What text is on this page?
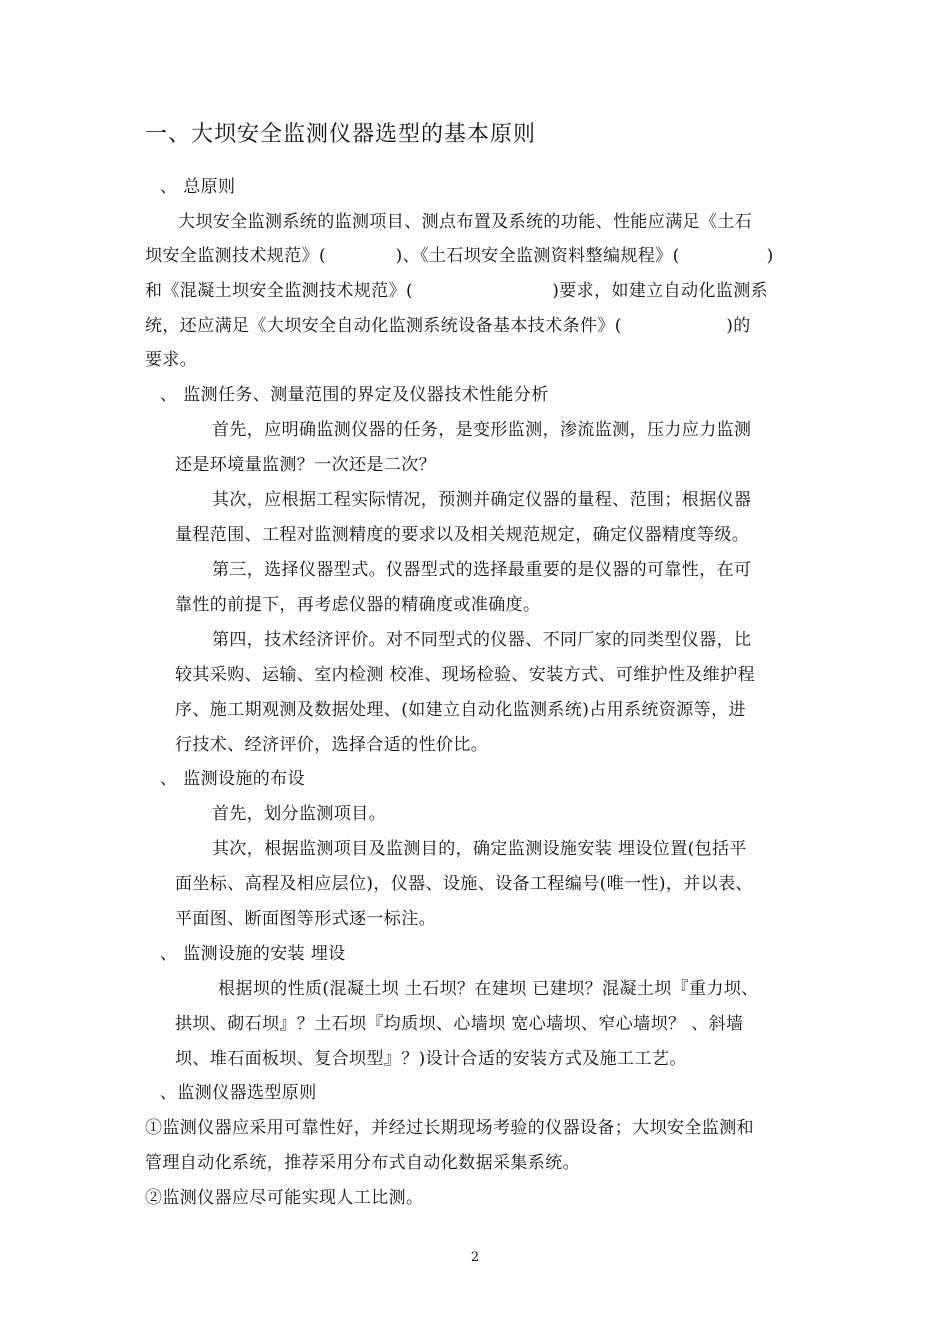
一、大坝安全监测仪器选型的基本原则
、 总原则
大坝安全监测系统的监测项目、测点布置及系统的功能、性能应满足《土石
坝安全监测技术规范》(　　　　)、《土石坝安全监测资料整编规程》(　　　　　)
和《混凝土坝安全监测技术规范》(　　　　　　　　)要求，如建立自动化监测系
统，还应满足《大坝安全自动化监测系统设备基本技术条件》(　　　　　　)的
要求。
、 监测任务、测量范围的界定及仪器技术性能分析
首先，应明确监测仪器的任务，是变形监测，渗流监测，压力应力监测
还是环境量监测？一次还是二次？
其次，应根据工程实际情况，预测并确定仪器的量程、范围；根据仪器
量程范围、工程对监测精度的要求以及相关规范规定，确定仪器精度等级。
第三，选择仪器型式。仪器型式的选择最重要的是仪器的可靠性，在可
靠性的前提下，再考虑仪器的精确度或准确度。
第四，技术经济评价。对不同型式的仪器、不同厂家的同类型仪器，比
较其采购、运输、室内检测 校准、现场检验、安装方式、可维护性及维护程
序、施工期观测及数据处理、(如建立自动化监测系统)占用系统资源等，进
行技术、经济评价，选择合适的性价比。
、 监测设施的布设
首先，划分监测项目。
其次，根据监测项目及监测目的，确定监测设施安装 埋设位置(包括平
面坐标、高程及相应层位)，仪器、设施、设备工程编号(唯一性)，并以表、
平面图、断面图等形式逐一标注。
、 监测设施的安装 埋设
根据坝的性质(混凝土坝 土石坝？在建坝 已建坝？混凝土坝『重力坝、
拱坝、砌石坝』？土石坝『均质坝、心墙坝 宽心墙坝、窄心墙坝？ 、斜墙
坝、堆石面板坝、复合坝型』？)设计合适的安装方式及施工工艺。
、监测仪器选型原则
①监测仪器应采用可靠性好，并经过长期现场考验的仪器设备；大坝安全监测和
管理自动化系统，推荐采用分布式自动化数据采集系统。
②监测仪器应尽可能实现人工比测。
2
